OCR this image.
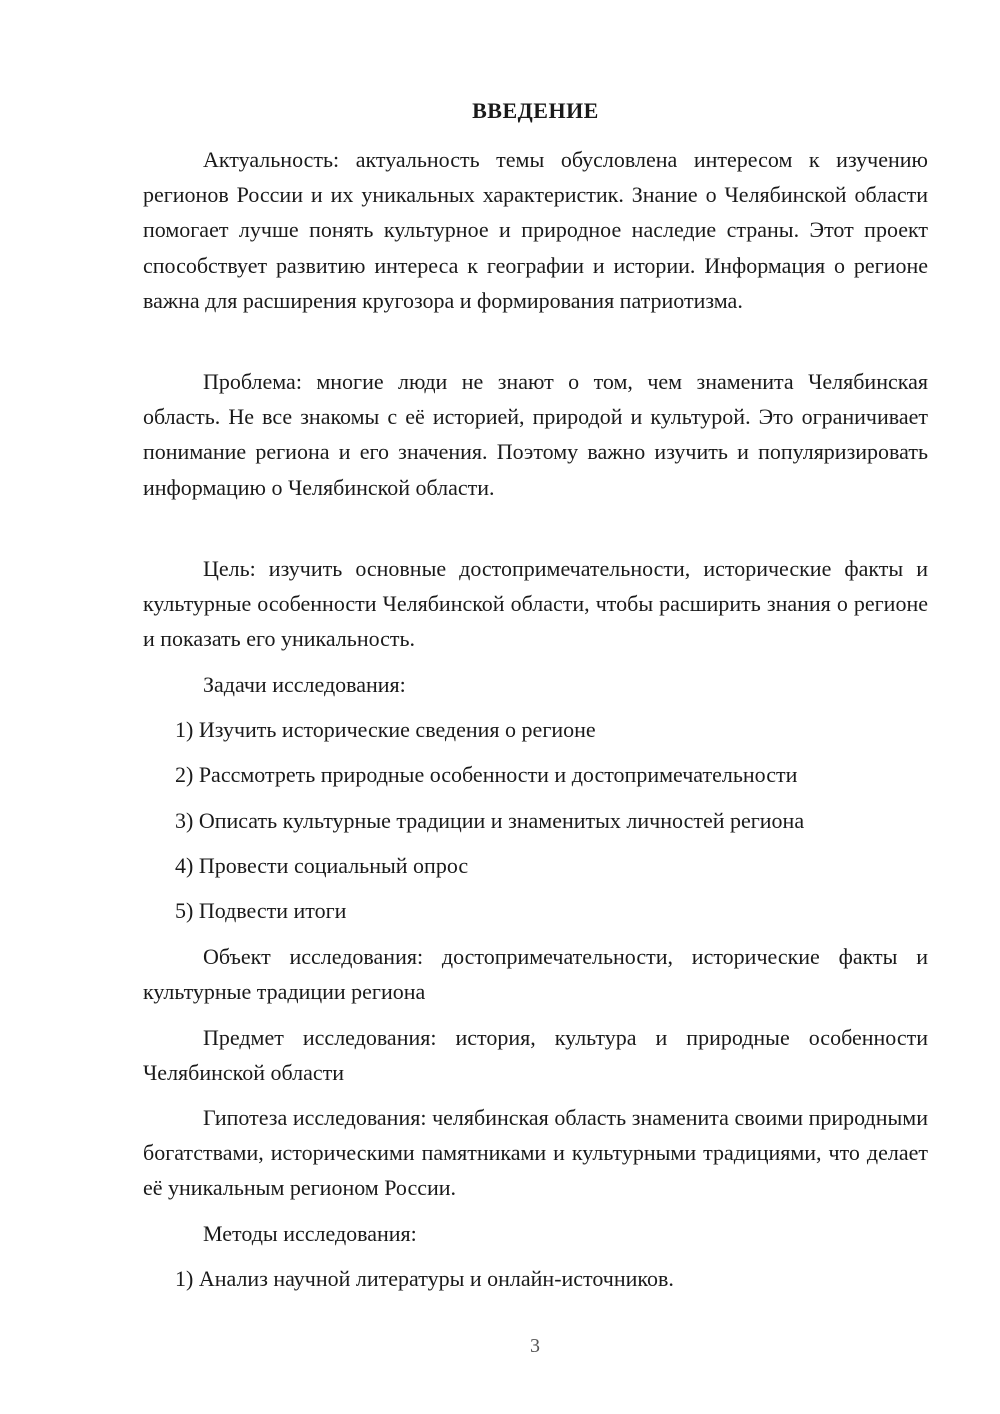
ВВЕДЕНИЕ
Актуальность: актуальность темы обусловлена интересом к изучению регионов России и их уникальных характеристик. Знание о Челябинской области помогает лучше понять культурное и природное наследие страны. Этот проект способствует развитию интереса к географии и истории. Информация о регионе важна для расширения кругозора и формирования патриотизма.
Проблема: многие люди не знают о том, чем знаменита Челябинская область. Не все знакомы с её историей, природой и культурой. Это ограничивает понимание региона и его значения. Поэтому важно изучить и популяризировать информацию о Челябинской области.
Цель: изучить основные достопримечательности, исторические факты и культурные особенности Челябинской области, чтобы расширить знания о регионе и показать его уникальность.
Задачи исследования:
1) Изучить исторические сведения о регионе
2) Рассмотреть природные особенности и достопримечательности
3) Описать культурные традиции и знаменитых личностей региона
4) Провести социальный опрос
5) Подвести итоги
Объект исследования: достопримечательности, исторические факты и культурные традиции региона
Предмет исследования: история, культура и природные особенности Челябинской области
Гипотеза исследования: челябинская область знаменита своими природными богатствами, историческими памятниками и культурными традициями, что делает её уникальным регионом России.
Методы исследования:
1) Анализ научной литературы и онлайн-источников.
3
